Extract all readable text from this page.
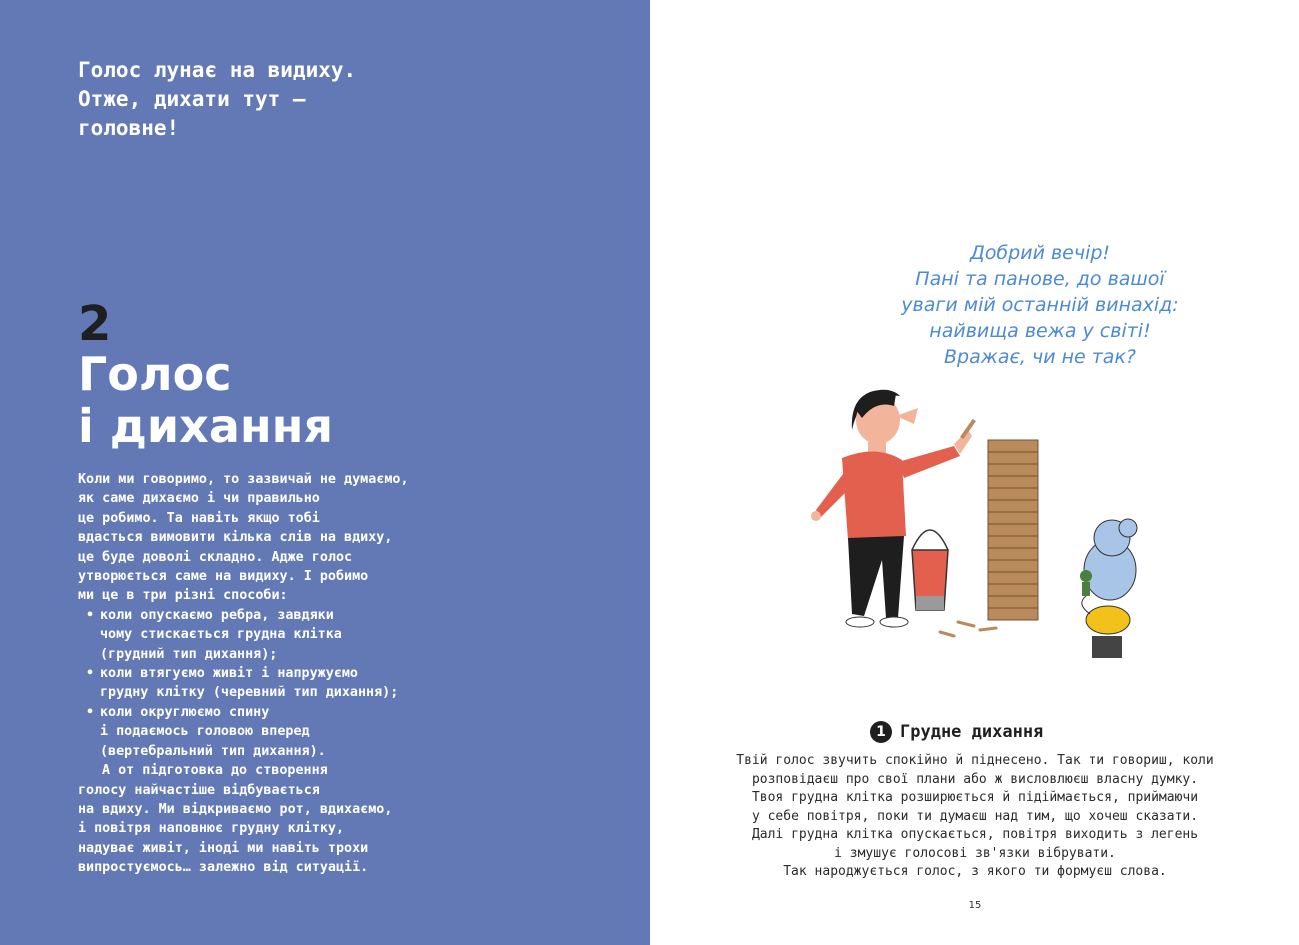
Голос лунає на видиху.
Отже, дихати тут —
головне!
2
Голос
і дихання
Коли ми говоримо, то зазвичай не думаємо,
як саме дихаємо і чи правильно
це робимо. Та навіть якщо тобі
вдасться вимовити кілька слів на вдиху,
це буде доволі складно. Адже голос
утворюється саме на видиху. І робимо
ми це в три різні способи:
• коли опускаємо ребра, завдяки
чому стискається грудна клітка
(грудний тип дихання);
• коли втягуємо живіт і напружуємо
грудну клітку (черевний тип дихання);
• коли округлюємо спину
і подаємось головою вперед
(вертебральний тип дихання).
А от підготовка до створення
голосу найчастіше відбувається
на вдиху. Ми відкриваємо рот, вдихаємо,
і повітря наповнює грудну клітку,
надуває живіт, іноді ми навіть трохи
випростуємось… залежно від ситуації.
Добрий вечір!
Пані та панове, до вашої
уваги мій останній винахід:
найвища вежа у світі!
Вражає, чи не так?
1 Грудне дихання
Твій голос звучить спокійно й піднесено. Так ти говориш, коли
розповідаєш про свої плани або ж висловлюєш власну думку.
Твоя грудна клітка розширюється й підіймається, приймаючи
у себе повітря, поки ти думаєш над тим, що хочеш сказати.
Далі грудна клітка опускається, повітря виходить з легень
і змушує голосові зв'язки вібрувати.
Так народжується голос, з якого ти формуєш слова.
15
